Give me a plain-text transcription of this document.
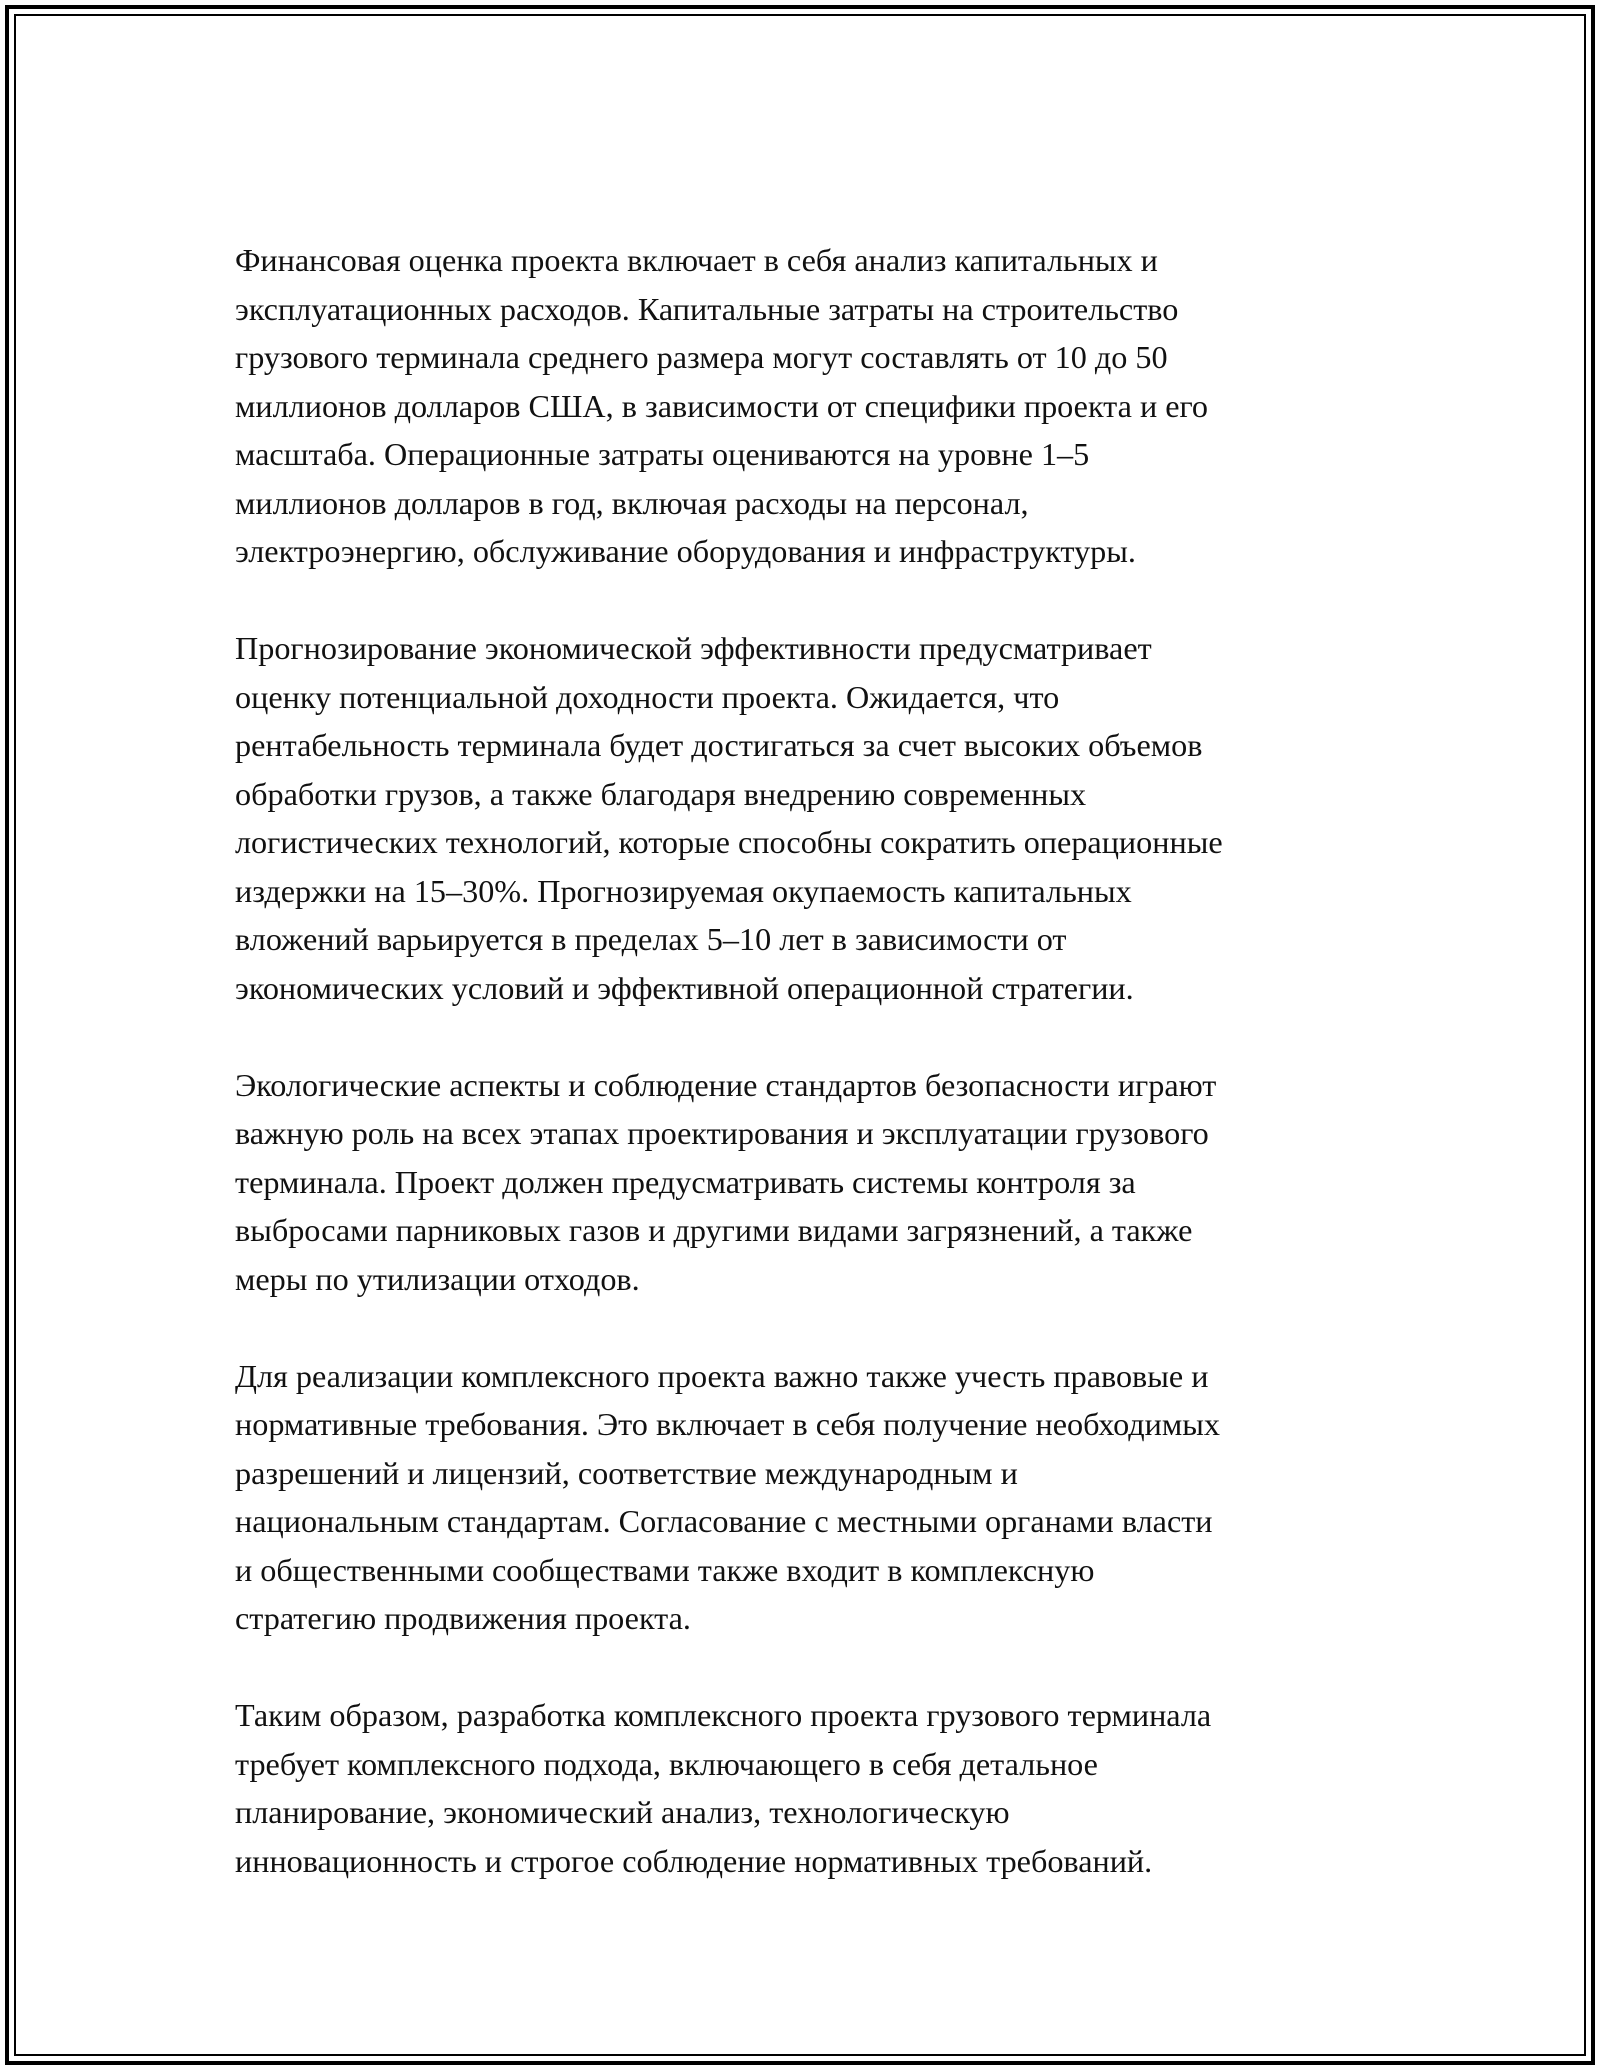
Финансовая оценка проекта включает в себя анализ капитальных и
эксплуатационных расходов. Капитальные затраты на строительство
грузового терминала среднего размера могут составлять от 10 до 50
миллионов долларов США, в зависимости от специфики проекта и его
масштаба. Операционные затраты оцениваются на уровне 1–5
миллионов долларов в год, включая расходы на персонал,
электроэнергию, обслуживание оборудования и инфраструктуры.

Прогнозирование экономической эффективности предусматривает
оценку потенциальной доходности проекта. Ожидается, что
рентабельность терминала будет достигаться за счет высоких объемов
обработки грузов, а также благодаря внедрению современных
логистических технологий, которые способны сократить операционные
издержки на 15–30%. Прогнозируемая окупаемость капитальных
вложений варьируется в пределах 5–10 лет в зависимости от
экономических условий и эффективной операционной стратегии.

Экологические аспекты и соблюдение стандартов безопасности играют
важную роль на всех этапах проектирования и эксплуатации грузового
терминала. Проект должен предусматривать системы контроля за
выбросами парниковых газов и другими видами загрязнений, а также
меры по утилизации отходов.

Для реализации комплексного проекта важно также учесть правовые и
нормативные требования. Это включает в себя получение необходимых
разрешений и лицензий, соответствие международным и
национальным стандартам. Согласование с местными органами власти
и общественными сообществами также входит в комплексную
стратегию продвижения проекта.

Таким образом, разработка комплексного проекта грузового терминала
требует комплексного подхода, включающего в себя детальное
планирование, экономический анализ, технологическую
инновационность и строгое соблюдение нормативных требований.
